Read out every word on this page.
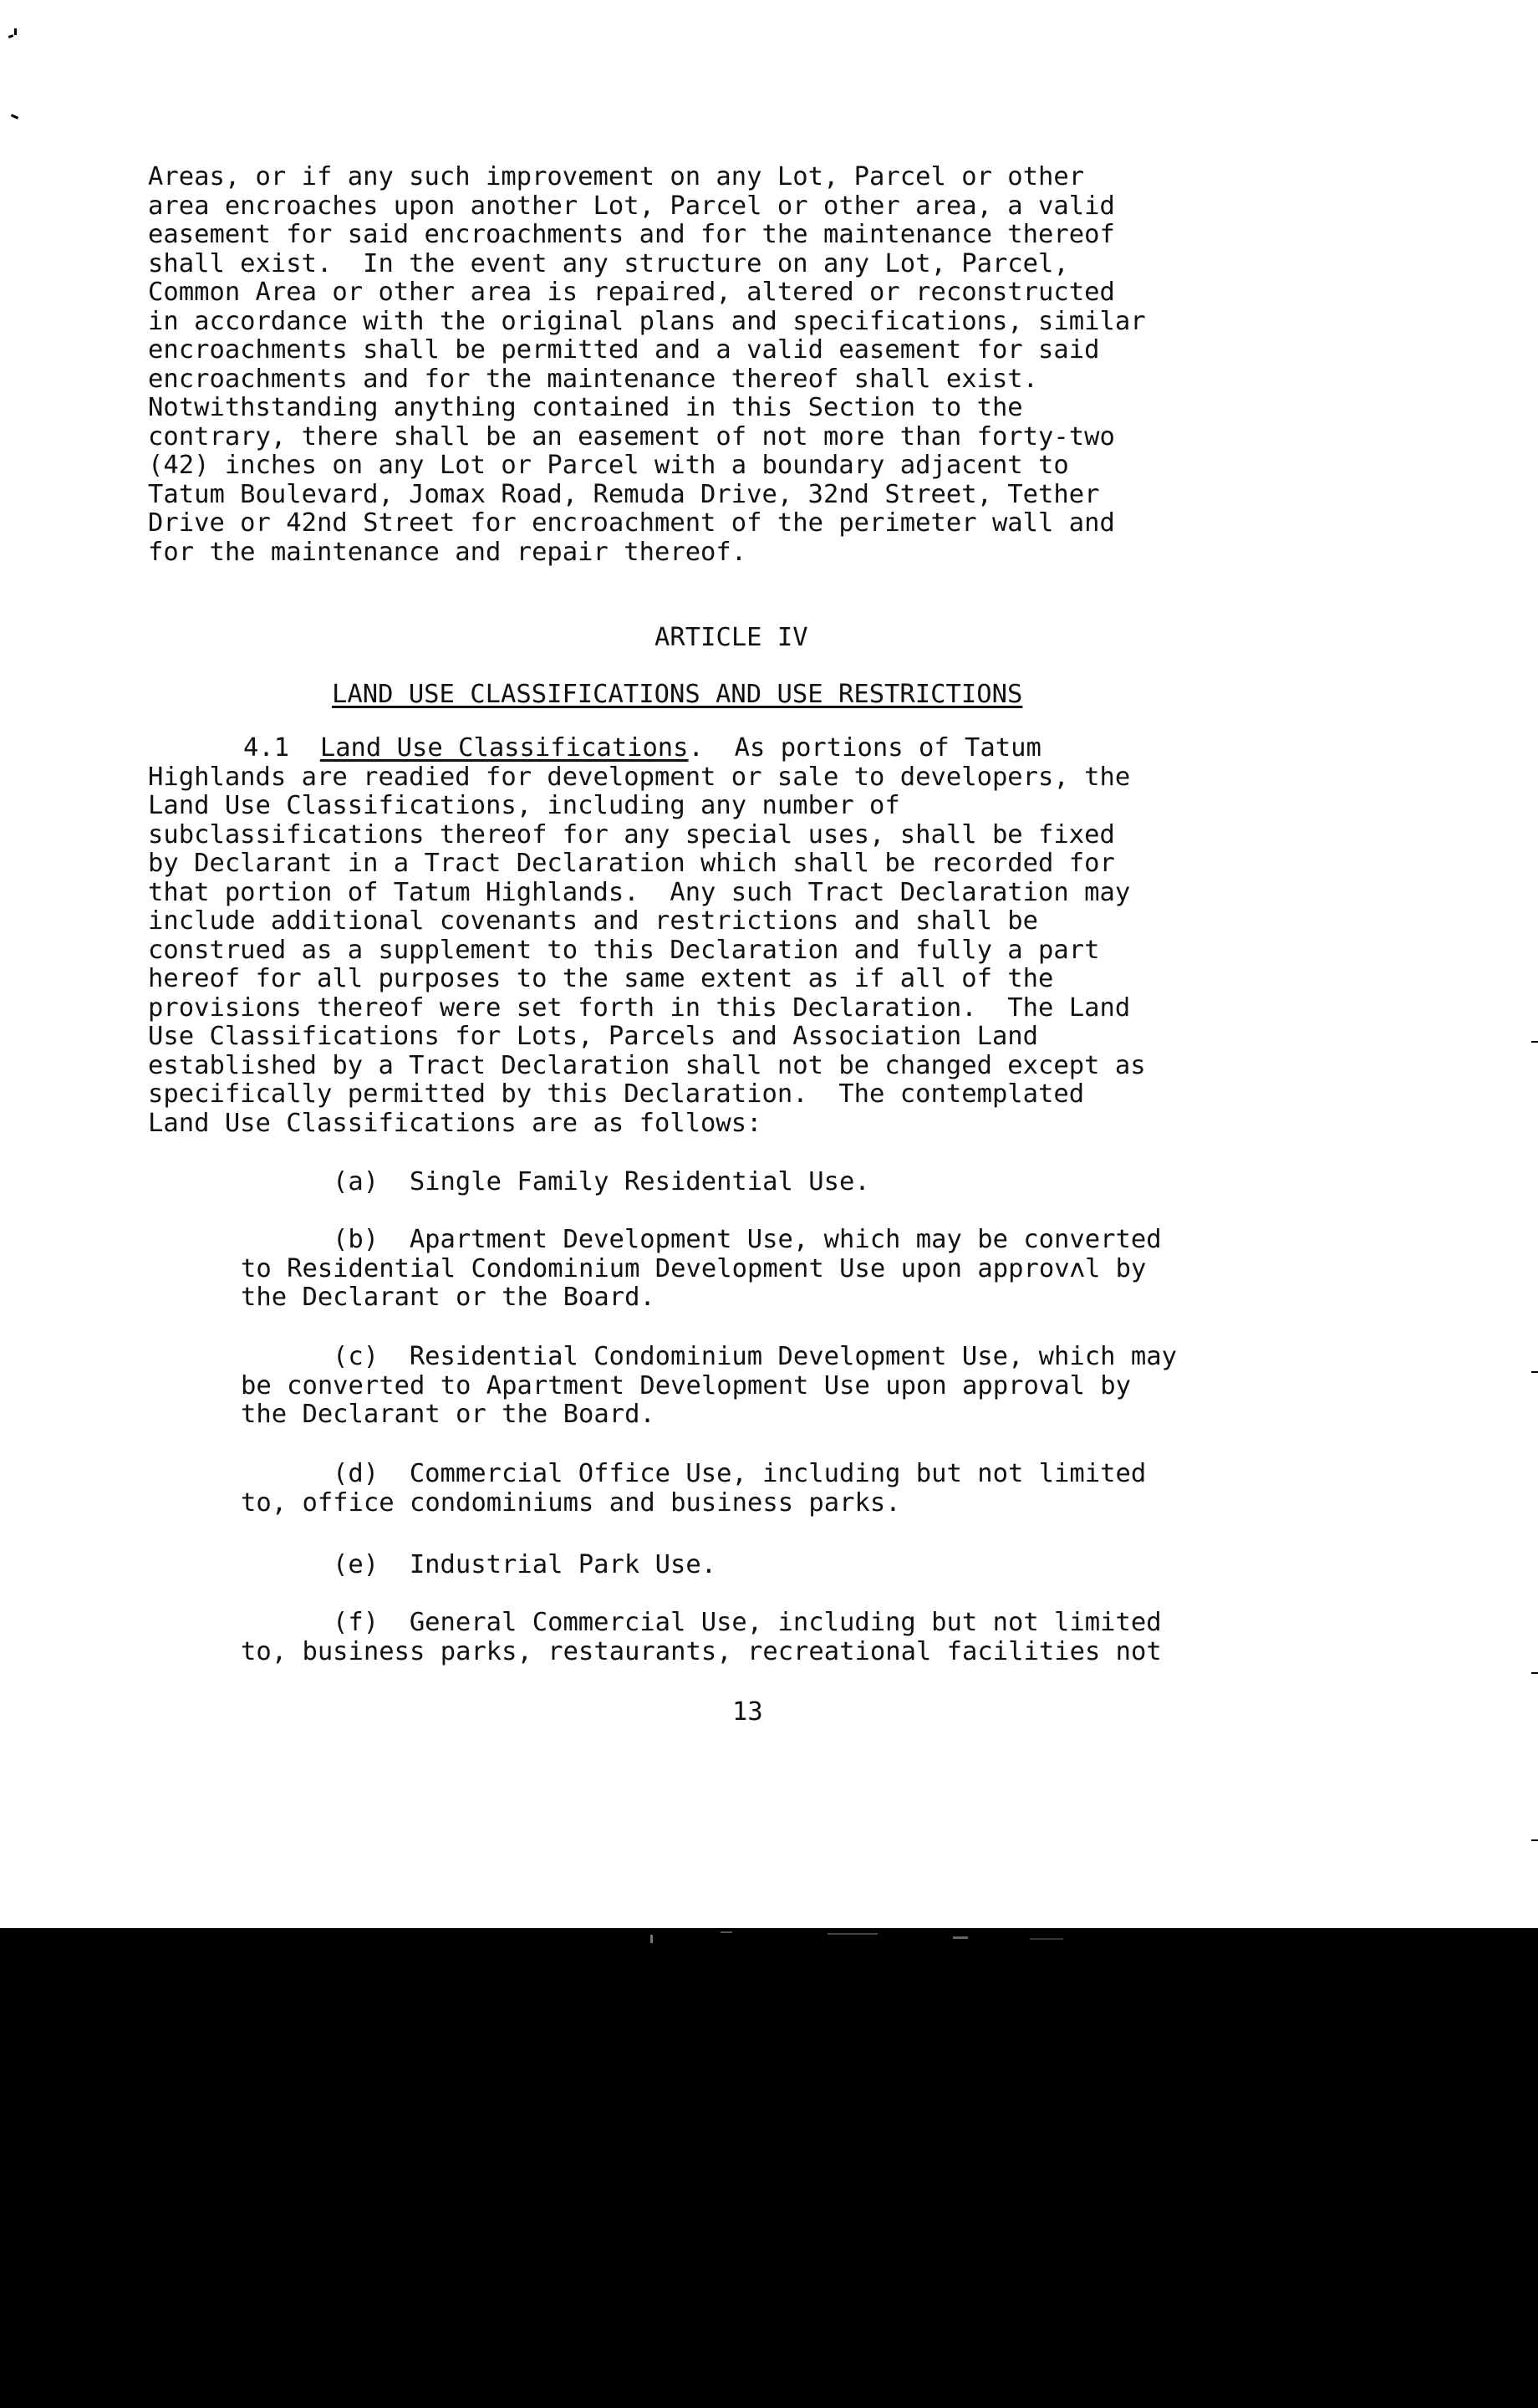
Areas, or if any such improvement on any Lot, Parcel or other
area encroaches upon another Lot, Parcel or other area, a valid
easement for said encroachments and for the maintenance thereof
shall exist.  In the event any structure on any Lot, Parcel,
Common Area or other area is repaired, altered or reconstructed
in accordance with the original plans and specifications, similar
encroachments shall be permitted and a valid easement for said
encroachments and for the maintenance thereof shall exist.
Notwithstanding anything contained in this Section to the
contrary, there shall be an easement of not more than forty-two
(42) inches on any Lot or Parcel with a boundary adjacent to
Tatum Boulevard, Jomax Road, Remuda Drive, 32nd Street, Tether
Drive or 42nd Street for encroachment of the perimeter wall and
for the maintenance and repair thereof.

ARTICLE IV

LAND USE CLASSIFICATIONS AND USE RESTRICTIONS

4.1 Land Use Classifications.  As portions of Tatum
Highlands are readied for development or sale to developers, the
Land Use Classifications, including any number of
subclassifications thereof for any special uses, shall be fixed
by Declarant in a Tract Declaration which shall be recorded for
that portion of Tatum Highlands.  Any such Tract Declaration may
include additional covenants and restrictions and shall be
construed as a supplement to this Declaration and fully a part
hereof for all purposes to the same extent as if all of the
provisions thereof were set forth in this Declaration.  The Land
Use Classifications for Lots, Parcels and Association Land
established by a Tract Declaration shall not be changed except as
specifically permitted by this Declaration.  The contemplated
Land Use Classifications are as follows:

(a)  Single Family Residential Use.

(b)  Apartment Development Use, which may be converted
to Residential Condominium Development Use upon approvʌl by
the Declarant or the Board.

(c)  Residential Condominium Development Use, which may
be converted to Apartment Development Use upon approval by
the Declarant or the Board.

(d)  Commercial Office Use, including but not limited
to, office condominiums and business parks.

(e)  Industrial Park Use.

(f)  General Commercial Use, including but not limited
to, business parks, restaurants, recreational facilities not

13
